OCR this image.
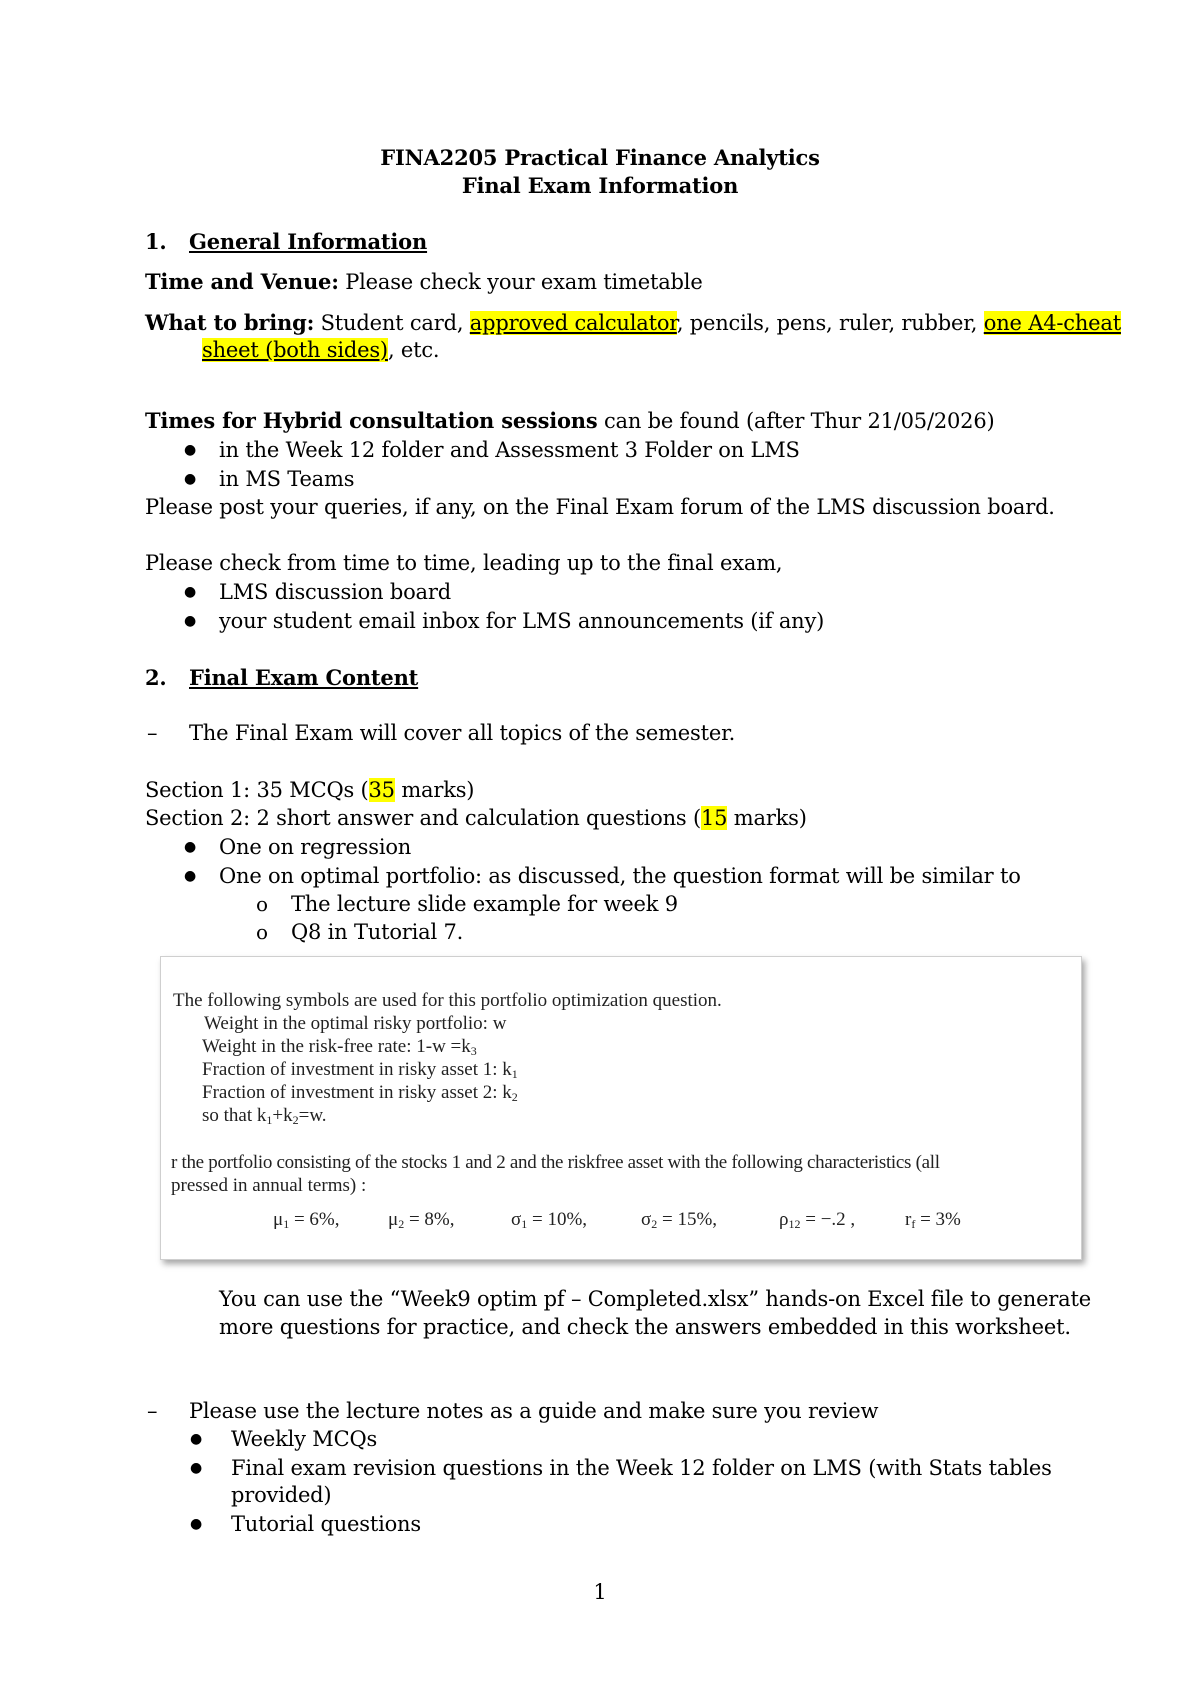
FINA2205 Practical Finance Analytics
Final Exam Information
1. General Information
Time and Venue: Please check your exam timetable
What to bring: Student card, approved calculator, pencils, pens, ruler, rubber, one A4-cheat
sheet (both sides), etc.
Times for Hybrid consultation sessions can be found (after Thur 21/05/2026)
● in the Week 12 folder and Assessment 3 Folder on LMS
● in MS Teams
Please post your queries, if any, on the Final Exam forum of the LMS discussion board.
Please check from time to time, leading up to the final exam,
● LMS discussion board
● your student email inbox for LMS announcements (if any)
2. Final Exam Content
– The Final Exam will cover all topics of the semester.
Section 1: 35 MCQs (35 marks)
Section 2: 2 short answer and calculation questions (15 marks)
● One on regression
● One on optimal portfolio: as discussed, the question format will be similar to
o The lecture slide example for week 9
o Q8 in Tutorial 7.
The following symbols are used for this portfolio optimization question.
Weight in the optimal risky portfolio: w
Weight in the risk-free rate: 1-w =k3
Fraction of investment in risky asset 1: k1
Fraction of investment in risky asset 2: k2
so that k1+k2=w.
r the portfolio consisting of the stocks 1 and 2 and the riskfree asset with the following characteristics (all
pressed in annual terms) :
μ1 = 6%,	μ2 = 8%,	σ1 = 10%,	σ2 = 15%,	ρ12 = −.2 ,	rf = 3%
You can use the “Week9 optim pf – Completed.xlsx” hands-on Excel file to generate
more questions for practice, and check the answers embedded in this worksheet.
– Please use the lecture notes as a guide and make sure you review
● Weekly MCQs
● Final exam revision questions in the Week 12 folder on LMS (with Stats tables
provided)
● Tutorial questions
1
